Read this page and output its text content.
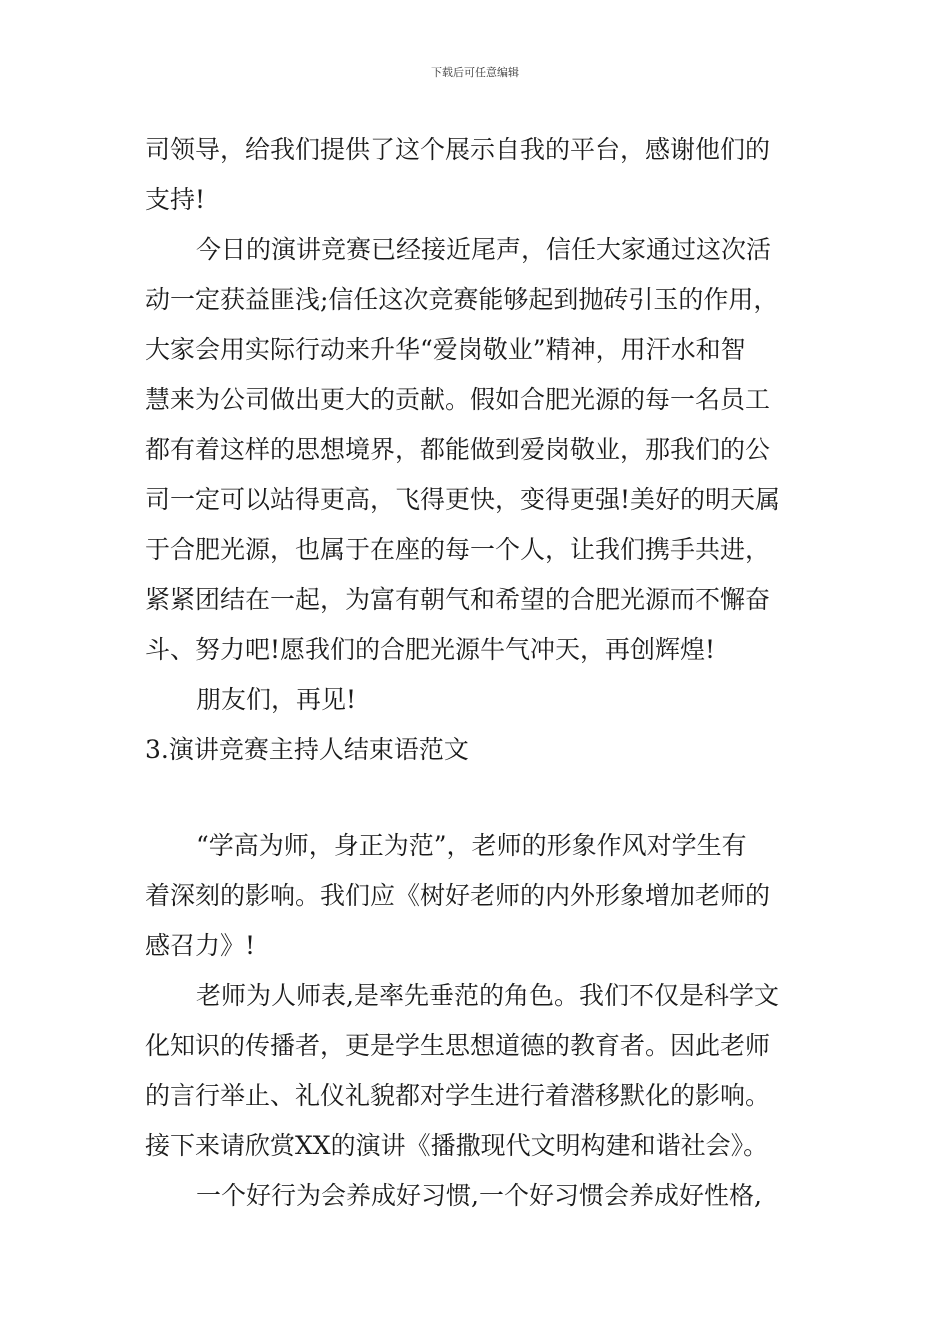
下载后可任意编辑
司领导，给我们提供了这个展示自我的平台，感谢他们的
支持!
今日的演讲竞赛已经接近尾声，信任大家通过这次活
动一定获益匪浅;信任这次竞赛能够起到抛砖引玉的作用，
大家会用实际行动来升华“爱岗敬业”精神，用汗水和智
慧来为公司做出更大的贡献。假如合肥光源的每一名员工
都有着这样的思想境界，都能做到爱岗敬业，那我们的公
司一定可以站得更高，飞得更快，变得更强!美好的明天属
于合肥光源，也属于在座的每一个人，让我们携手共进，
紧紧团结在一起，为富有朝气和希望的合肥光源而不懈奋
斗、努力吧!愿我们的合肥光源牛气冲天，再创辉煌!
朋友们，再见!
3.演讲竞赛主持人结束语范文
“学高为师，身正为范”，老师的形象作风对学生有
着深刻的影响。我们应《树好老师的内外形象增加老师的
感召力》!
老师为人师表,是率先垂范的角色。我们不仅是科学文
化知识的传播者，更是学生思想道德的教育者。因此老师
的言行举止、礼仪礼貌都对学生进行着潜移默化的影响。
接下来请欣赏XX的演讲《播撒现代文明构建和谐社会》。
一个好行为会养成好习惯,一个好习惯会养成好性格,
